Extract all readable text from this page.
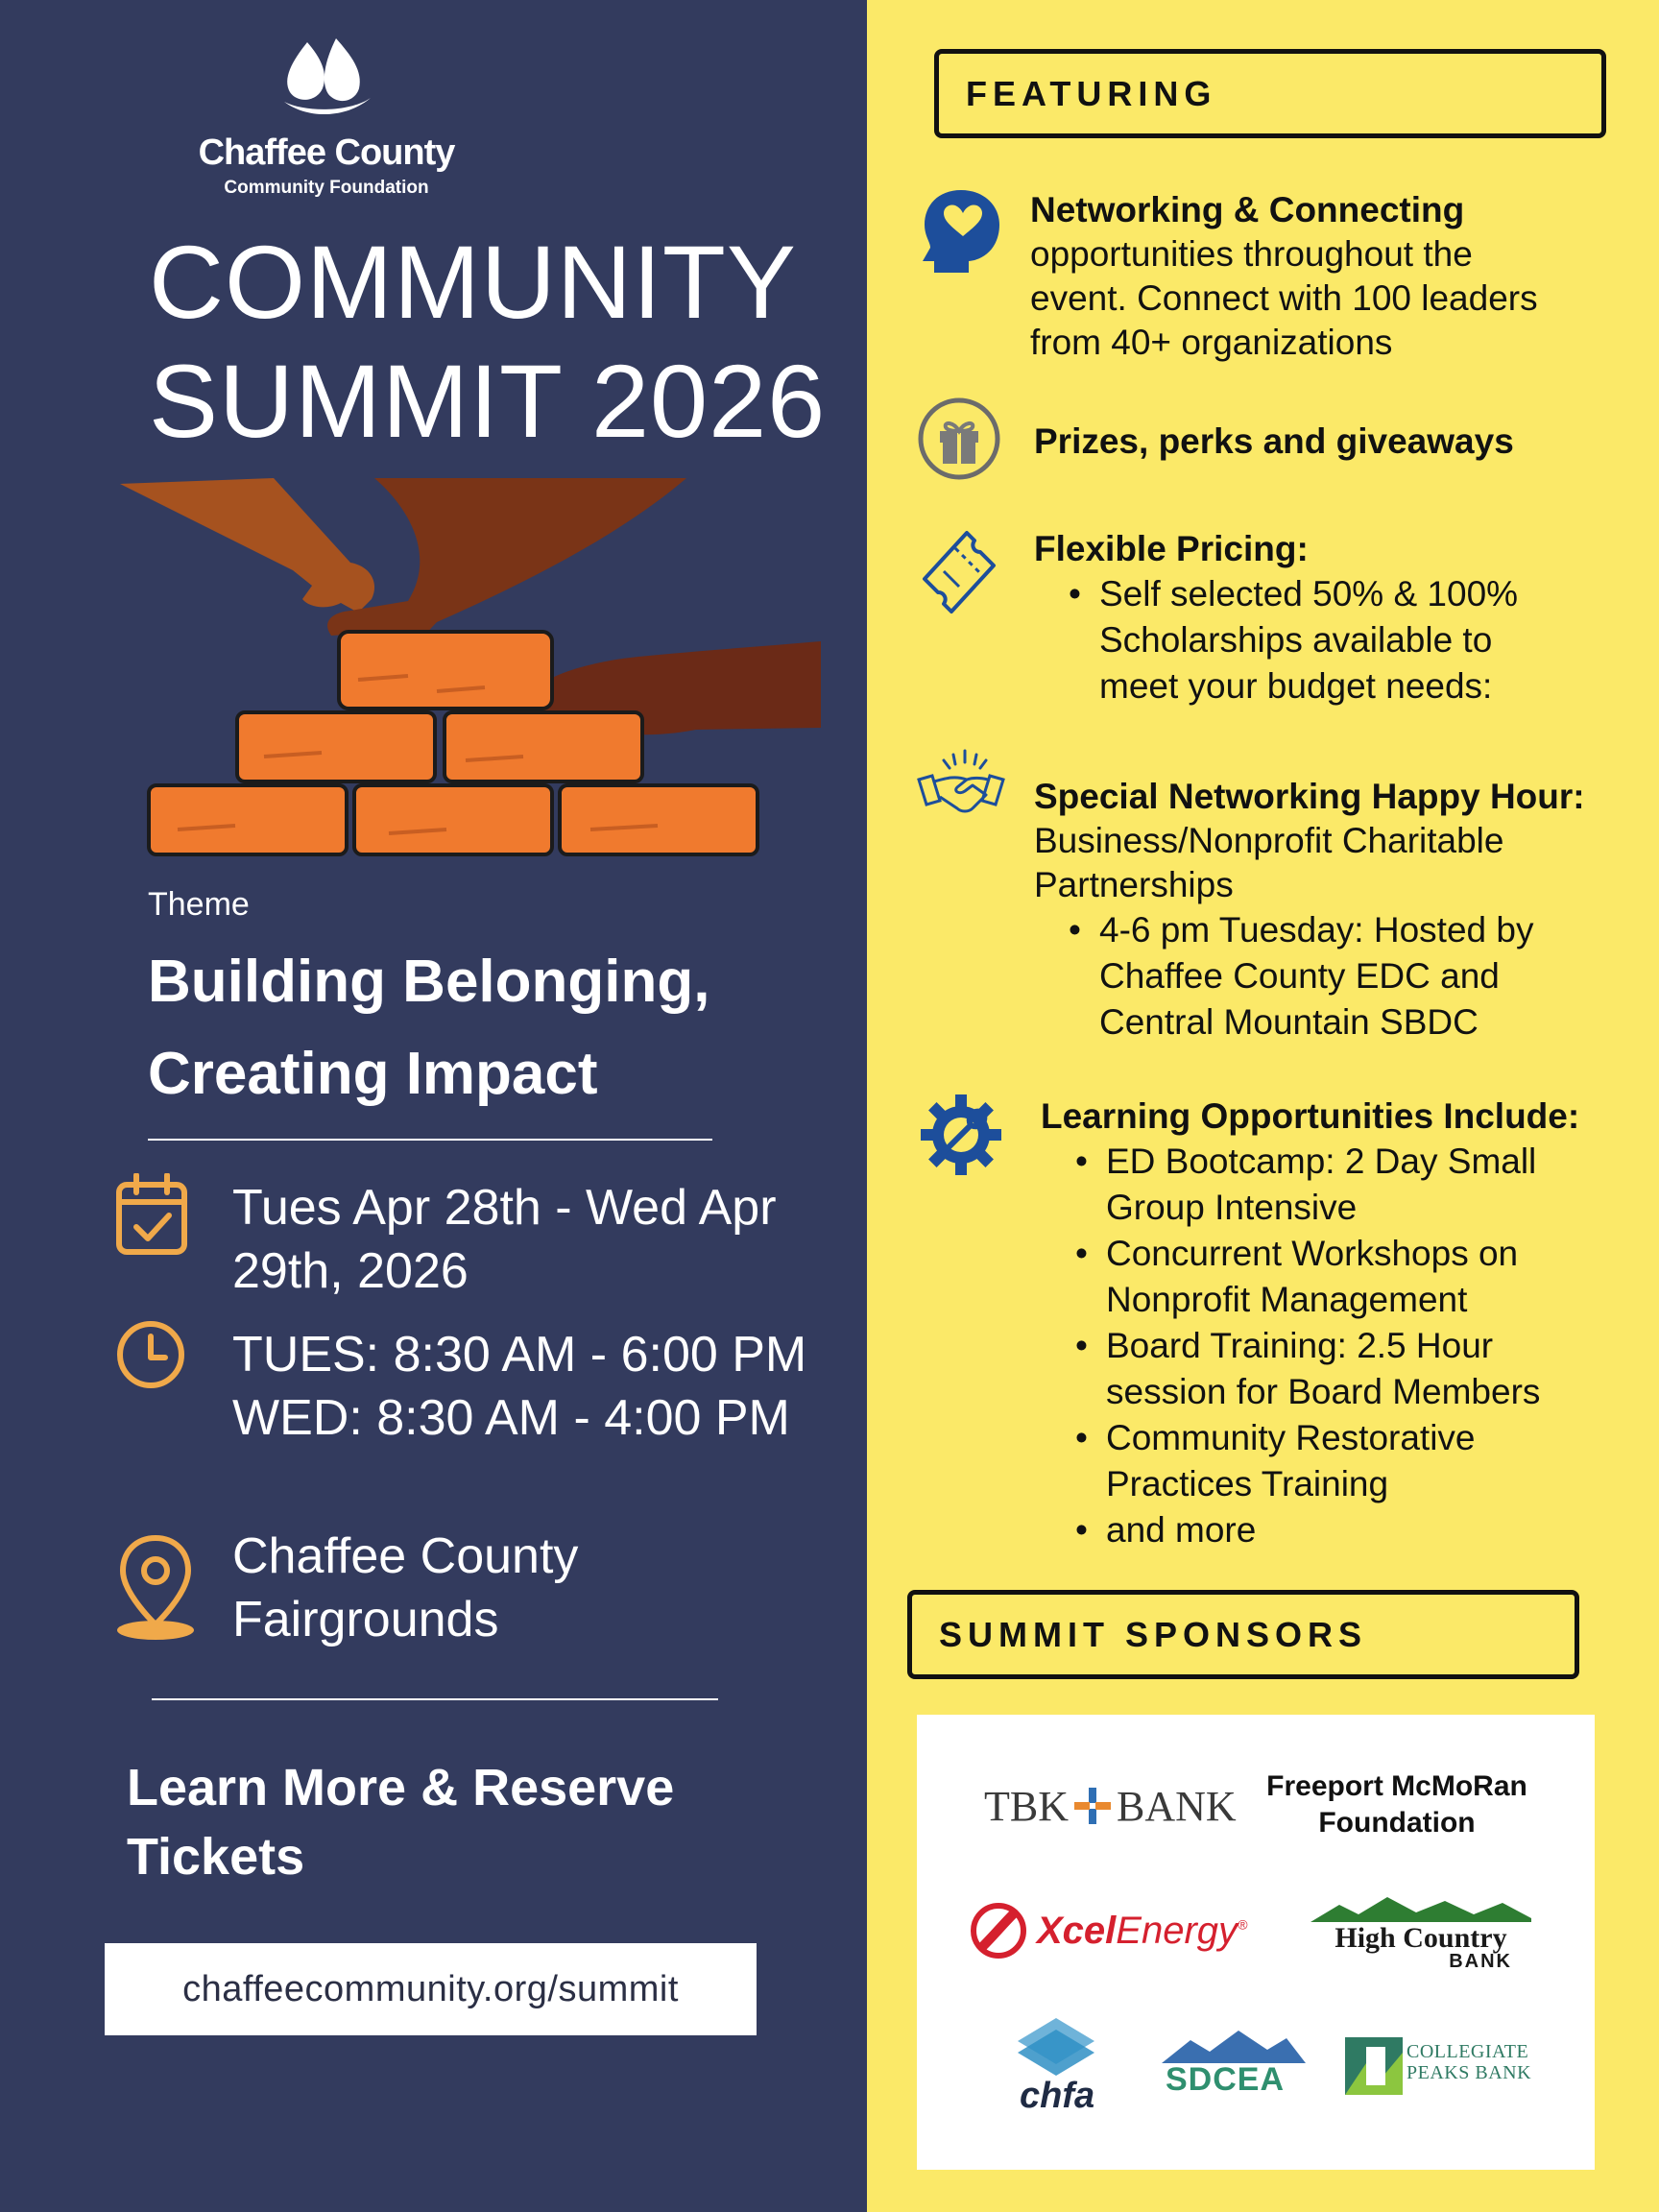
Chaffee County
Community Foundation
COMMUNITY
SUMMIT 2026
Theme
Building Belonging,
Creating Impact
Tues Apr 28th - Wed Apr
29th, 2026
TUES: 8:30 AM - 6:00 PM
WED: 8:30 AM - 4:00 PM
Chaffee County
Fairgrounds
Learn More & Reserve
Tickets
chaffeecommunity.org/summit
FEATURING
Networking & Connecting
opportunities throughout the
event. Connect with 100 leaders
from 40+ organizations
Prizes, perks and giveaways
Flexible Pricing:
• Self selected 50% & 100%
Scholarships available to
meet your budget needs:
Special Networking Happy Hour:
Business/Nonprofit Charitable
Partnerships
• 4-6 pm Tuesday: Hosted by
Chaffee County EDC and
Central Mountain SBDC
Learning Opportunities Include:
• ED Bootcamp: 2 Day Small
Group Intensive
• Concurrent Workshops on
Nonprofit Management
• Board Training: 2.5 Hour
session for Board Members
• Community Restorative
Practices Training
• and more
SUMMIT SPONSORS
TBK BANK Freeport McMoRan
Foundation
XcelEnergy®	High Country
BANK
chfa SDCEA
COLLEGIATE
PEAKS BANK
